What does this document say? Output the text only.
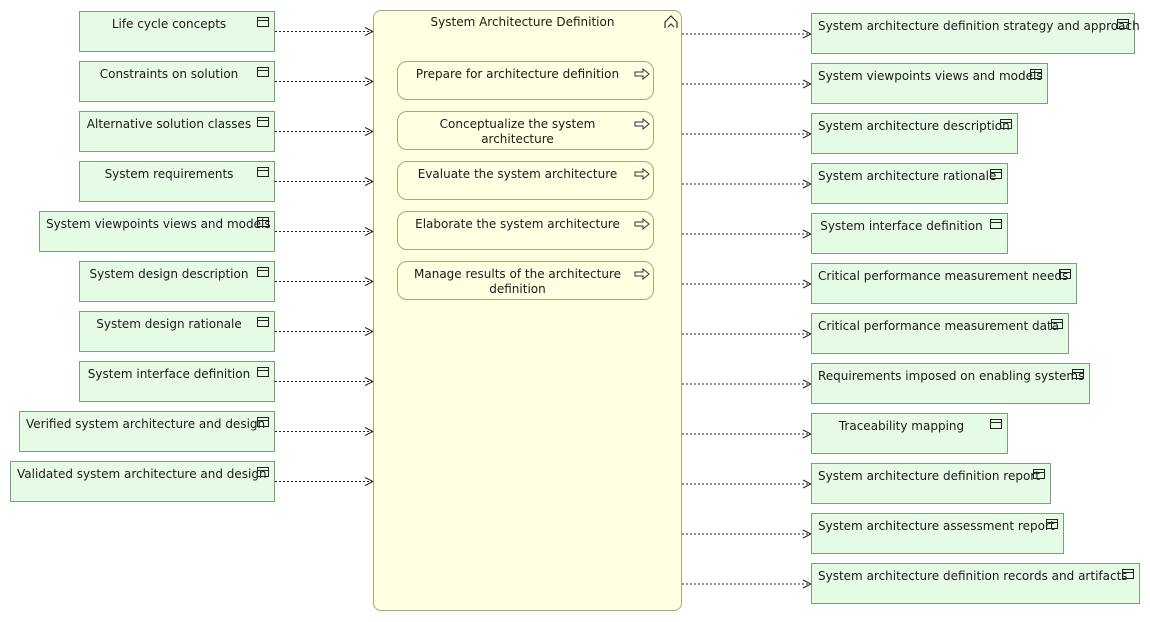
Life cycle concepts
Constraints on solution
Alternative solution classes
System requirements
System viewpoints views and models
System design description
System design rationale
System interface definition
Verified system architecture and design
Validated system architecture and design
System Architecture Definition
Prepare for architecture definition
Conceptualize the system architecture
Evaluate the system architecture
Elaborate the system architecture
Manage results of the architecture definition
System architecture definition strategy and approach
System viewpoints views and models
System architecture description
System architecture rationale
System interface definition
Critical performance measurement needs
Critical performance measurement data
Requirements imposed on enabling systems
Traceability mapping
System architecture definition report
System architecture assessment report
System architecture definition records and artifacts
